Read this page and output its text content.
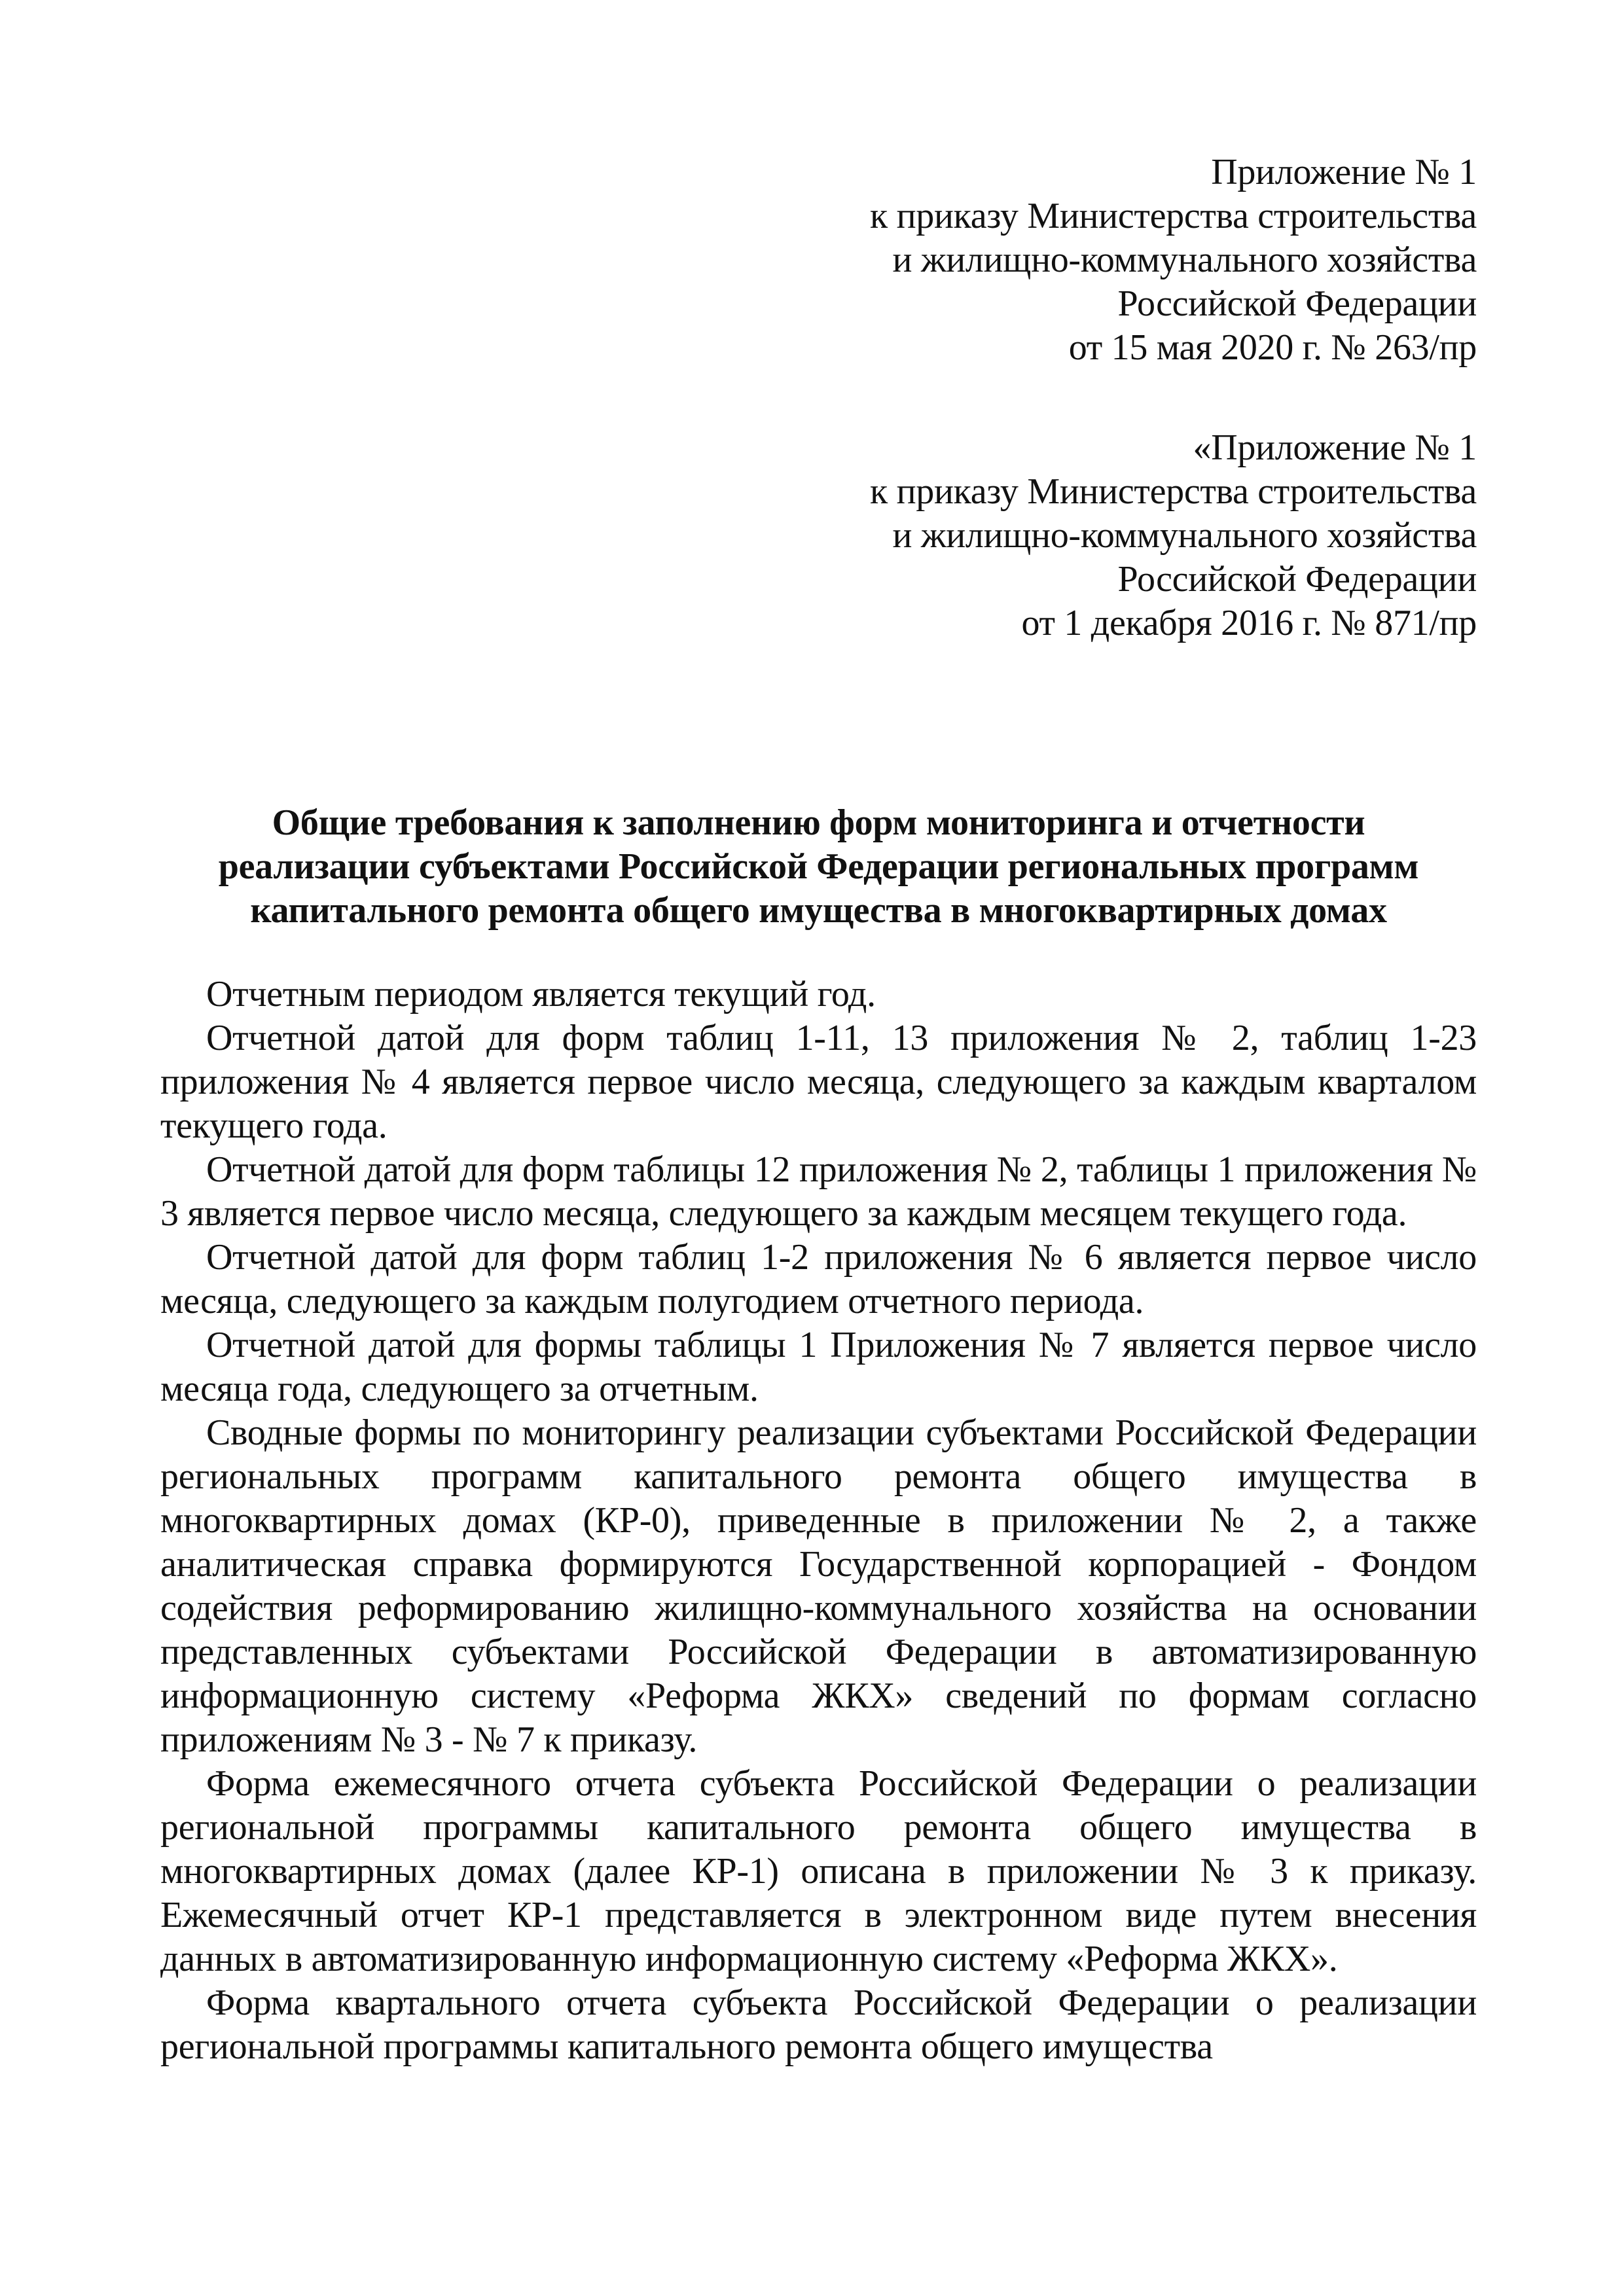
Приложение № 1
к приказу Министерства строительства
и жилищно-коммунального хозяйства
Российской Федерации
от 15 мая 2020 г. № 263/пр
«Приложение № 1
к приказу Министерства строительства
и жилищно-коммунального хозяйства
Российской Федерации
от 1 декабря 2016 г. № 871/пр
Общие требования к заполнению форм мониторинга и отчетности
реализации субъектами Российской Федерации региональных программ
капитального ремонта общего имущества в многоквартирных домах

Отчетным периодом является текущий год.

Отчетной датой для форм таблиц 1-11, 13 приложения № 2, таблиц 1-23 приложения № 4 является первое число месяца, следующего за каждым кварталом текущего года.

Отчетной датой для форм таблицы 12 приложения № 2, таблицы 1 приложения № 3 является первое число месяца, следующего за каждым месяцем текущего года.

Отчетной датой для форм таблиц 1-2 приложения № 6 является первое число месяца, следующего за каждым полугодием отчетного периода.

Отчетной датой для формы таблицы 1 Приложения № 7 является первое число месяца года, следующего за отчетным.

Сводные формы по мониторингу реализации субъектами Российской Федерации региональных программ капитального ремонта общего имущества в многоквартирных домах (КР-0), приведенные в приложении № 2, а также аналитическая справка формируются Государственной корпорацией - Фондом содействия реформированию жилищно-коммунального хозяйства на основании представленных субъектами Российской Федерации в автоматизированную информационную систему «Реформа ЖКХ» сведений по формам согласно приложениям № 3 - № 7 к приказу.

Форма ежемесячного отчета субъекта Российской Федерации о реализации региональной программы капитального ремонта общего имущества в многоквартирных домах (далее КР-1) описана в приложении № 3 к приказу. Ежемесячный отчет КР-1 представляется в электронном виде путем внесения данных в автоматизированную информационную систему «Реформа ЖКХ».

Форма квартального отчета субъекта Российской Федерации о реализации региональной программы капитального ремонта общего имущества
